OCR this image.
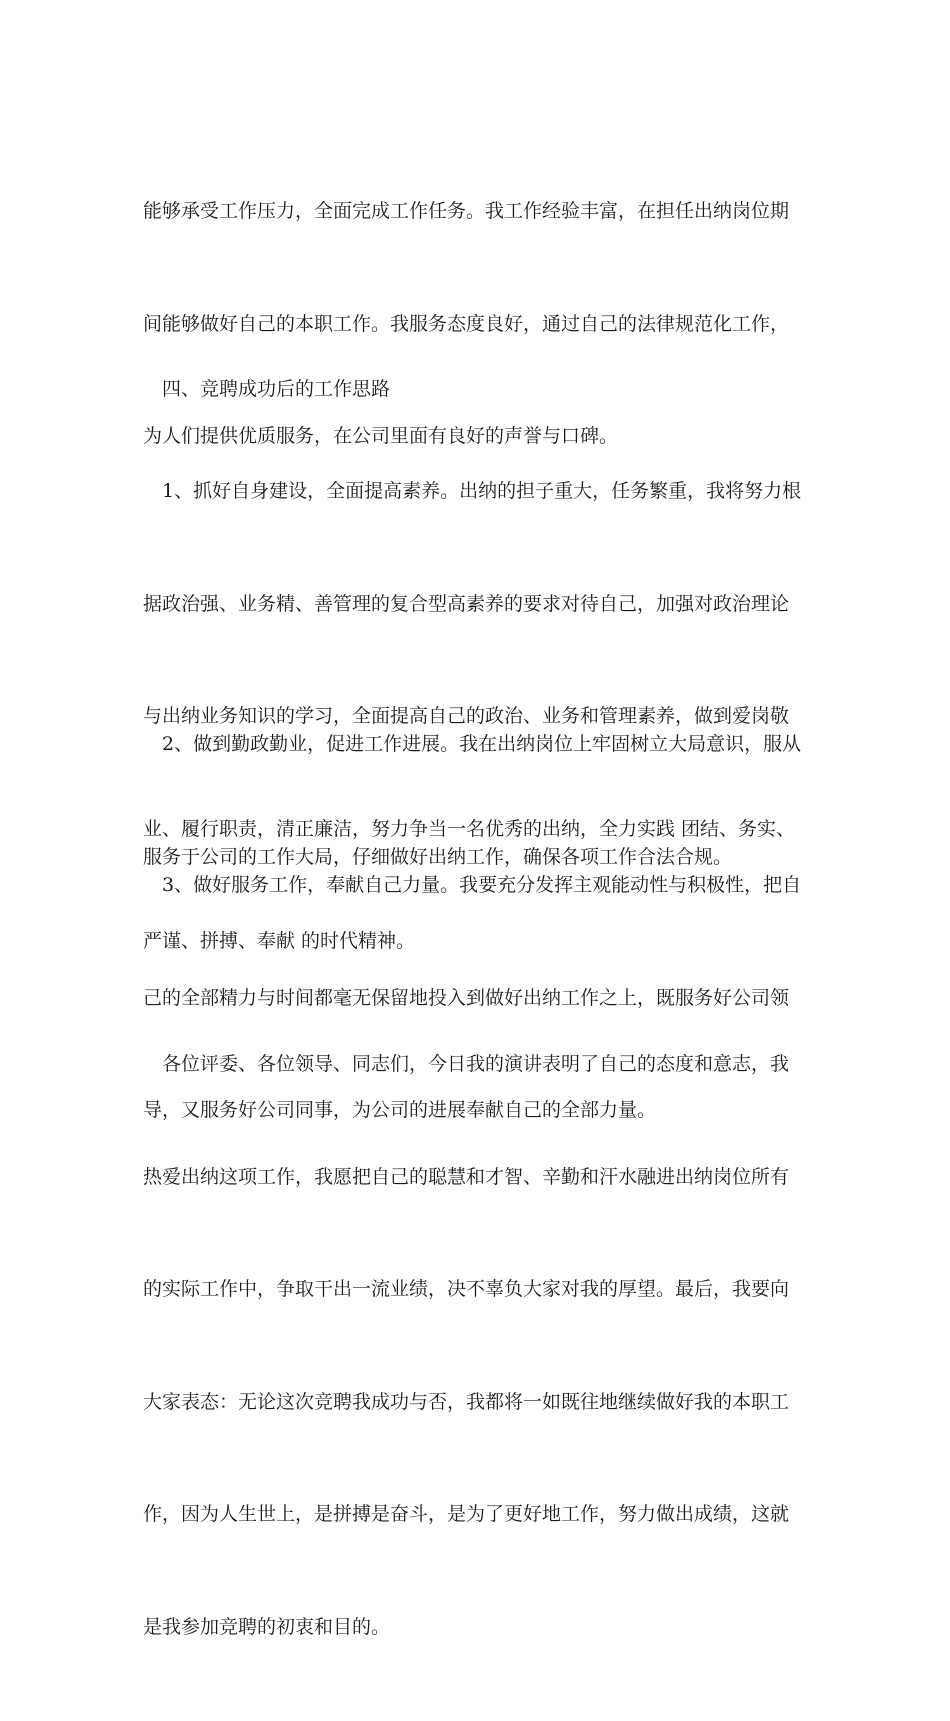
能够承受工作压力，全面完成工作任务。我工作经验丰富，在担任出纳岗位期

间能够做好自己的本职工作。我服务态度良好，通过自己的法律规范化工作，

为人们提供优质服务，在公司里面有良好的声誉与口碑。

　四、竞聘成功后的工作思路

　1、抓好自身建设，全面提高素养。出纳的担子重大，任务繁重，我将努力根

据政治强、业务精、善管理的复合型高素养的要求对待自己，加强对政治理论

与出纳业务知识的学习，全面提高自己的政治、业务和管理素养，做到爱岗敬

业、履行职责，清正廉洁，努力争当一名优秀的出纳，全力实践 团结、务实、

严谨、拼搏、奉献 的时代精神。

　2、做到勤政勤业，促进工作进展。我在出纳岗位上牢固树立大局意识，服从

服务于公司的工作大局，仔细做好出纳工作，确保各项工作合法合规。

　3、做好服务工作，奉献自己力量。我要充分发挥主观能动性与积极性，把自

己的全部精力与时间都毫无保留地投入到做好出纳工作之上，既服务好公司领

导，又服务好公司同事，为公司的进展奉献自己的全部力量。

　各位评委、各位领导、同志们，今日我的演讲表明了自己的态度和意志，我

热爱出纳这项工作，我愿把自己的聪慧和才智、辛勤和汗水融进出纳岗位所有

的实际工作中，争取干出一流业绩，决不辜负大家对我的厚望。最后，我要向

大家表态：无论这次竞聘我成功与否，我都将一如既往地继续做好我的本职工

作，因为人生世上，是拼搏是奋斗，是为了更好地工作，努力做出成绩，这就

是我参加竞聘的初衷和目的。
